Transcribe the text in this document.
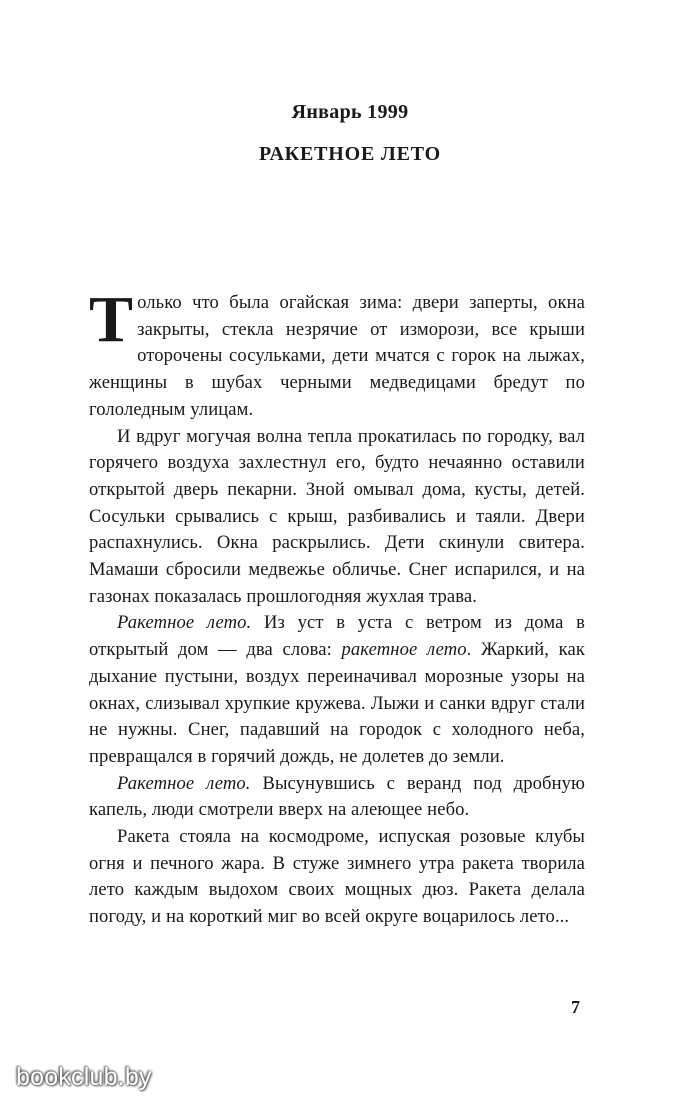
Январь 1999
РАКЕТНОЕ ЛЕТО

Только что была огайская зима: двери заперты, окна закрыты, стекла незрячие от изморози, все крыши оторочены сосульками, дети мчатся с горок на лыжах, женщины в шубах черными медведицами бредут по гололедным улицам.

И вдруг могучая волна тепла прокатилась по городку, вал горячего воздуха захлестнул его, будто нечаянно оставили открытой дверь пекарни. Зной омывал дома, кусты, детей. Сосульки срывались с крыш, разбивались и таяли. Двери распахнулись. Окна раскрылись. Дети скинули свитера. Мамаши сбросили медвежье обличье. Снег испарился, и на газонах показалась прошлогодняя жухлая трава.

Ракетное лето. Из уст в уста с ветром из дома в открытый дом — два слова: ракетное лето. Жаркий, как дыхание пустыни, воздух переиначивал морозные узоры на окнах, слизывал хрупкие кружева. Лыжи и санки вдруг стали не нужны. Снег, падавший на городок с холодного неба, превращался в горячий дождь, не долетев до земли.

Ракетное лето. Высунувшись с веранд под дробную капель, люди смотрели вверх на алеющее небо.

Ракета стояла на космодроме, испуская розовые клубы огня и печного жара. В стуже зимнего утра ракета творила лето каждым выдохом своих мощных дюз. Ракета делала погоду, и на короткий миг во всей округе воцарилось лето...

7
bookclub.by
